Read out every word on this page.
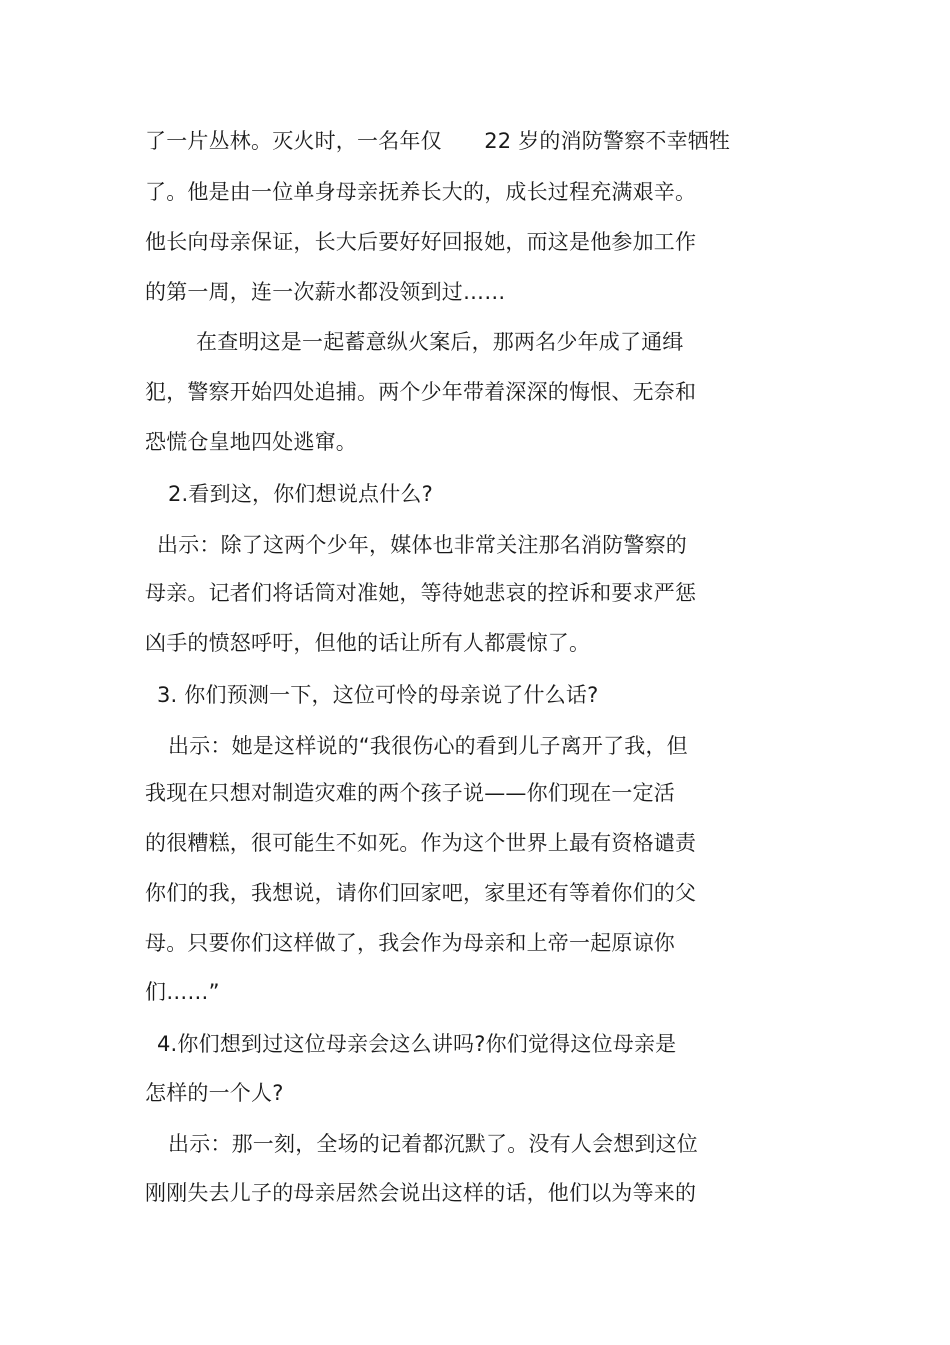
了一片丛林。灭火时，一名年仅　　22 岁的消防警察不幸牺牲
了。他是由一位单身母亲抚养长大的，成长过程充满艰辛。
他长向母亲保证，长大后要好好回报她，而这是他参加工作
的第一周，连一次薪水都没领到过……
在查明这是一起蓄意纵火案后，那两名少年成了通缉
犯，警察开始四处追捕。两个少年带着深深的悔恨、无奈和
恐慌仓皇地四处逃窜。
2.看到这，你们想说点什么?
出示：除了这两个少年，媒体也非常关注那名消防警察的
母亲。记者们将话筒对准她，等待她悲哀的控诉和要求严惩
凶手的愤怒呼吁，但他的话让所有人都震惊了。
3. 你们预测一下，这位可怜的母亲说了什么话?
出示：她是这样说的“我很伤心的看到儿子离开了我，但
我现在只想对制造灾难的两个孩子说——你们现在一定活
的很糟糕，很可能生不如死。作为这个世界上最有资格谴责
你们的我，我想说，请你们回家吧，家里还有等着你们的父
母。只要你们这样做了，我会作为母亲和上帝一起原谅你
们……”
4.你们想到过这位母亲会这么讲吗?你们觉得这位母亲是
怎样的一个人?
出示：那一刻，全场的记着都沉默了。没有人会想到这位
刚刚失去儿子的母亲居然会说出这样的话，他们以为等来的
